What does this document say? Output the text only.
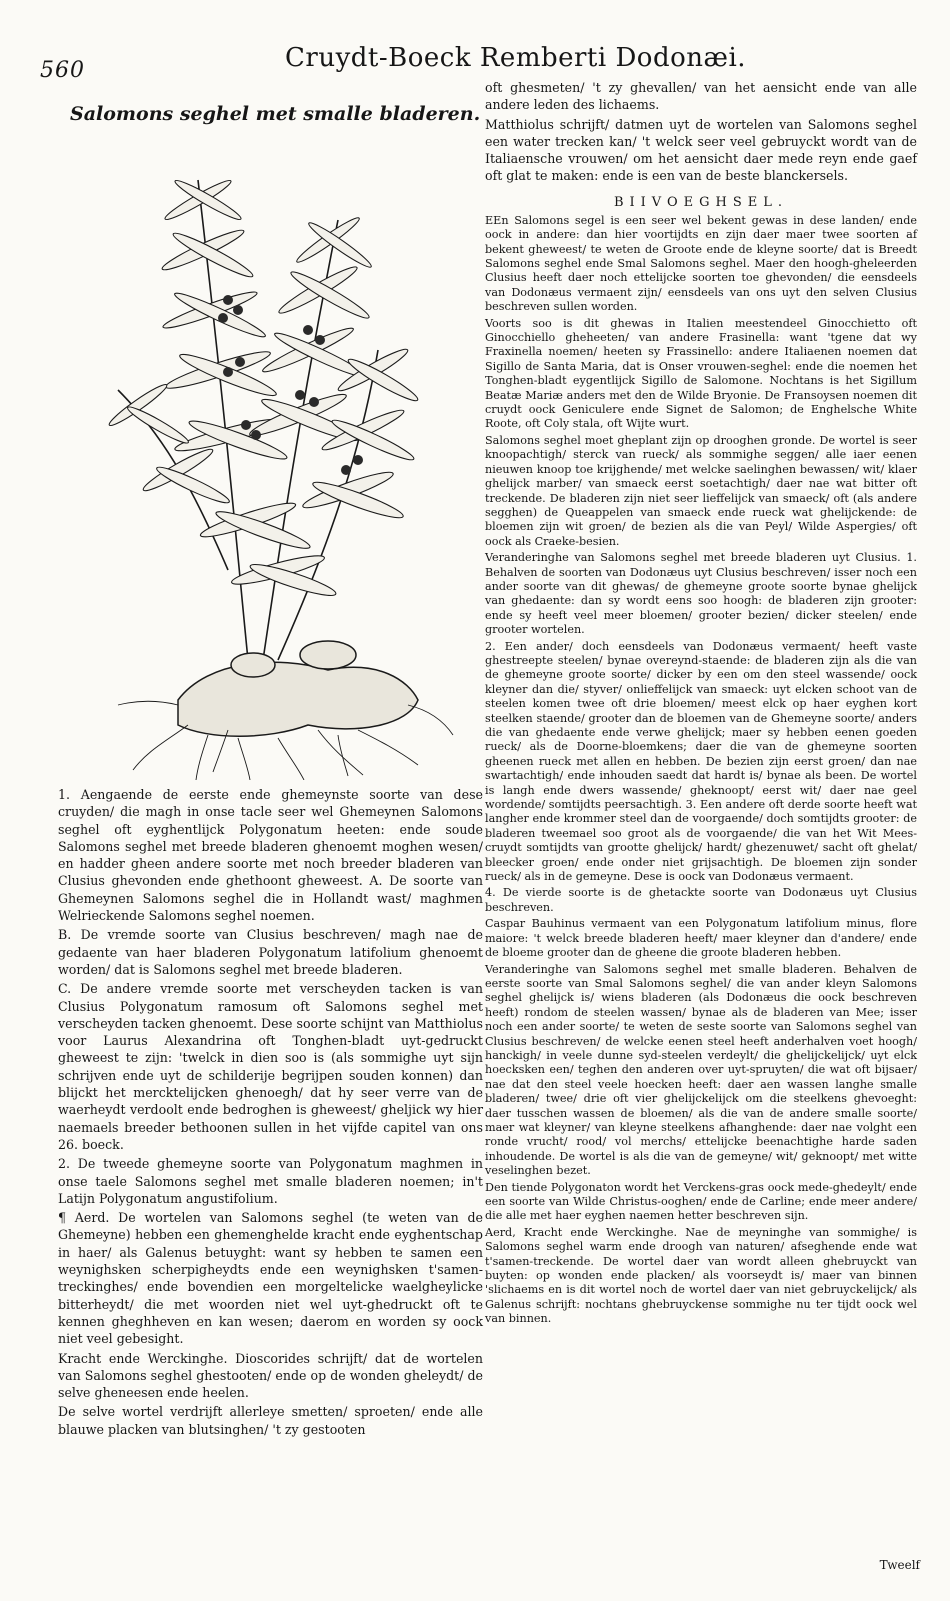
560	Cruydt-Boeck Remberti Dodonæi.
Salomons seghel met smalle bladeren.

1. Aengaende de eerste ende ghemeynste soorte van dese cruyden/ die magh in onse tacle seer wel Ghemeynen Salomons seghel oft eyghentlijck Polygonatum heeten: ende soude Salomons seghel met breede bladeren ghenoemt moghen wesen/ en hadder gheen andere soorte met noch breeder bladeren van Clusius ghevonden ende ghethoont gheweest. A. De soorte van Ghemeynen Salomons seghel die in Hollandt wast/ maghmen Welrieckende Salomons seghel noemen.

B. De vremde soorte van Clusius beschreven/ magh nae de gedaente van haer bladeren Polygonatum latifolium ghenoemt worden/ dat is Salomons seghel met breede bladeren.

C. De andere vremde soorte met verscheyden tacken is van Clusius Polygonatum ramosum oft Salomons seghel met verscheyden tacken ghenoemt. Dese soorte schijnt van Matthiolus voor Laurus Alexandrina oft Tonghen-bladt uyt-gedruckt gheweest te zijn: 'twelck in dien soo is (als sommighe uyt sijn schrijven ende uyt de schilderije begrijpen souden konnen) dan blijckt het mercktelijcken ghenoegh/ dat hy seer verre van de waerheydt verdoolt ende bedroghen is gheweest/ gheljick wy hier naemaels breeder bethoonen sullen in het vijfde capitel van ons 26. boeck.

2. De tweede ghemeyne soorte van Polygonatum maghmen in onse taele Salomons seghel met smalle bladeren noemen; in't Latijn Polygonatum angustifolium.

¶ Aerd. De wortelen van Salomons seghel (te weten van de Ghemeyne) hebben een ghemenghelde kracht ende eyghentschap in haer/ als Galenus betuyght: want sy hebben te samen een weynighsken scherpigheydts ende een weynighsken t'samen-treckinghes/ ende bovendien een morgeltelicke waelgheylicke bitterheydt/ die met woorden niet wel uyt-ghedruckt oft te kennen gheghheven en kan wesen; daerom en worden sy oock niet veel gebesight.

Kracht ende Werckinghe. Dioscorides schrijft/ dat de wortelen van Salomons seghel ghestooten/ ende op de wonden gheleydt/ de selve gheneesen ende heelen.

De selve wortel verdrijft allerleye smetten/ sproeten/ ende alle blauwe placken van blutsinghen/ 't zy gestooten

oft ghesmeten/ 't zy ghevallen/ van het aensicht ende van alle andere leden des lichaems.

Matthiolus schrijft/ datmen uyt de wortelen van Salomons seghel een water trecken kan/ 't welck seer veel gebruyckt wordt van de Italiaensche vrouwen/ om het aensicht daer mede reyn ende gaef oft glat te maken: ende is een van de beste blanckersels.

BIIVOEGHSEL.

EEn Salomons segel is een seer wel bekent gewas in dese landen/ ende oock in andere: dan hier voortijdts en zijn daer maer twee soorten af bekent gheweest/ te weten de Groote ende de kleyne soorte/ dat is Breedt Salomons seghel ende Smal Salomons seghel. Maer den hoogh-gheleerden Clusius heeft daer noch ettelijcke soorten toe ghevonden/ die eensdeels van Dodonæus vermaent zijn/ eensdeels van ons uyt den selven Clusius beschreven sullen worden.

Voorts soo is dit ghewas in Italien meestendeel Ginocchietto oft Ginocchiello gheheeten/ van andere Frasinella: want 'tgene dat wy Fraxinella noemen/ heeten sy Frassinello: andere Italiaenen noemen dat Sigillo de Santa Maria, dat is Onser vrouwen-seghel: ende die noemen het Tonghen-bladt eygentlijck Sigillo de Salomone. Nochtans is het Sigillum Beatæ Mariæ anders met den de Wilde Bryonie. De Fransoysen noemen dit cruydt oock Geniculere ende Signet de Salomon; de Enghelsche White Roote, oft Coly stala, oft Wijte wurt.

Salomons seghel moet gheplant zijn op drooghen gronde. De wortel is seer knoopachtigh/ sterck van rueck/ als sommighe seggen/ alle iaer eenen nieuwen knoop toe krijghende/ met welcke saelinghen bewassen/ wit/ klaer ghelijck marber/ van smaeck eerst soetachtigh/ daer nae wat bitter oft treckende. De bladeren zijn niet seer lieffelijck van smaeck/ oft (als andere segghen) de Queappelen van smaeck ende rueck wat ghelijckende: de bloemen zijn wit groen/ de bezien als die van Peyl/ Wilde Aspergies/ oft oock als Craeke-besien.

Veranderinghe van Salomons seghel met breede bladeren uyt Clusius. 1. Behalven de soorten van Dodonæus uyt Clusius beschreven/ isser noch een ander soorte van dit ghewas/ de ghemeyne groote soorte bynae ghelijck van ghedaente: dan sy wordt eens soo hoogh: de bladeren zijn grooter: ende sy heeft veel meer bloemen/ grooter bezien/ dicker steelen/ ende grooter wortelen.

2. Een ander/ doch eensdeels van Dodonæus vermaent/ heeft vaste ghestreepte steelen/ bynae overeynd-staende: de bladeren zijn als die van de ghemeyne groote soorte/ dicker by een om den steel wassende/ oock kleyner dan die/ styver/ onlieffelijck van smaeck: uyt elcken schoot van de steelen komen twee oft drie bloemen/ meest elck op haer eyghen kort steelken staende/ grooter dan de bloemen van de Ghemeyne soorte/ anders die van ghedaente ende verwe ghelijck; maer sy hebben eenen goeden rueck/ als de Doorne-bloemkens; daer die van de ghemeyne soorten gheenen rueck met allen en hebben. De bezien zijn eerst groen/ dan nae swartachtigh/ ende inhouden saedt dat hardt is/ bynae als been. De wortel is langh ende dwers wassende/ gheknoopt/ eerst wit/ daer nae geel wordende/ somtijdts peersachtigh. 3. Een andere oft derde soorte heeft wat langher ende krommer steel dan de voorgaende/ doch somtijdts grooter: de bladeren tweemael soo groot als de voorgaende/ die van het Wit Mees-cruydt somtijdts van grootte ghelijck/ hardt/ ghezenuwet/ sacht oft ghelat/ bleecker groen/ ende onder niet grijsachtigh. De bloemen zijn sonder rueck/ als in de gemeyne. Dese is oock van Dodonæus vermaent.

4. De vierde soorte is de ghetackte soorte van Dodonæus uyt Clusius beschreven.

Caspar Bauhinus vermaent van een Polygonatum latifolium minus, flore maiore: 't welck breede bladeren heeft/ maer kleyner dan d'andere/ ende de bloeme grooter dan de gheene die groote bladeren hebben.

Veranderinghe van Salomons seghel met smalle bladeren. Behalven de eerste soorte van Smal Salomons seghel/ die van ander kleyn Salomons seghel ghelijck is/ wiens bladeren (als Dodonæus die oock beschreven heeft) rondom de steelen wassen/ bynae als de bladeren van Mee; isser noch een ander soorte/ te weten de seste soorte van Salomons seghel van Clusius beschreven/ de welcke eenen steel heeft anderhalven voet hoogh/ hanckigh/ in veele dunne syd-steelen verdeylt/ die ghelijckelijck/ uyt elck hoecksken een/ teghen den anderen over uyt-spruyten/ die wat oft bijsaer/ nae dat den steel veele hoecken heeft: daer aen wassen langhe smalle bladeren/ twee/ drie oft vier ghelijckelijck om die steelkens ghevoeght: daer tusschen wassen de bloemen/ als die van de andere smalle soorte/ maer wat kleyner/ van kleyne steelkens afhanghende: daer nae volght een ronde vrucht/ rood/ vol merchs/ ettelijcke beenachtighe harde saden inhoudende. De wortel is als die van de gemeyne/ wit/ geknoopt/ met witte veselinghen bezet.

Den tiende Polygonaton wordt het Verckens-gras oock mede-ghedeylt/ ende een soorte van Wilde Christus-ooghen/ ende de Carline; ende meer andere/ die alle met haer eyghen naemen hetter beschreven sijn.

Aerd, Kracht ende Werckinghe. Nae de meyninghe van sommighe/ is Salomons seghel warm ende droogh van naturen/ afseghende ende wat t'samen-treckende. De wortel daer van wordt alleen ghebruyckt van buyten: op wonden ende placken/ als voorseydt is/ maer van binnen 'slichaems en is dit wortel noch de wortel daer van niet gebruyckelijck/ als Galenus schrijft: nochtans ghebruyckense sommighe nu ter tijdt oock wel van binnen.

Tweelf
